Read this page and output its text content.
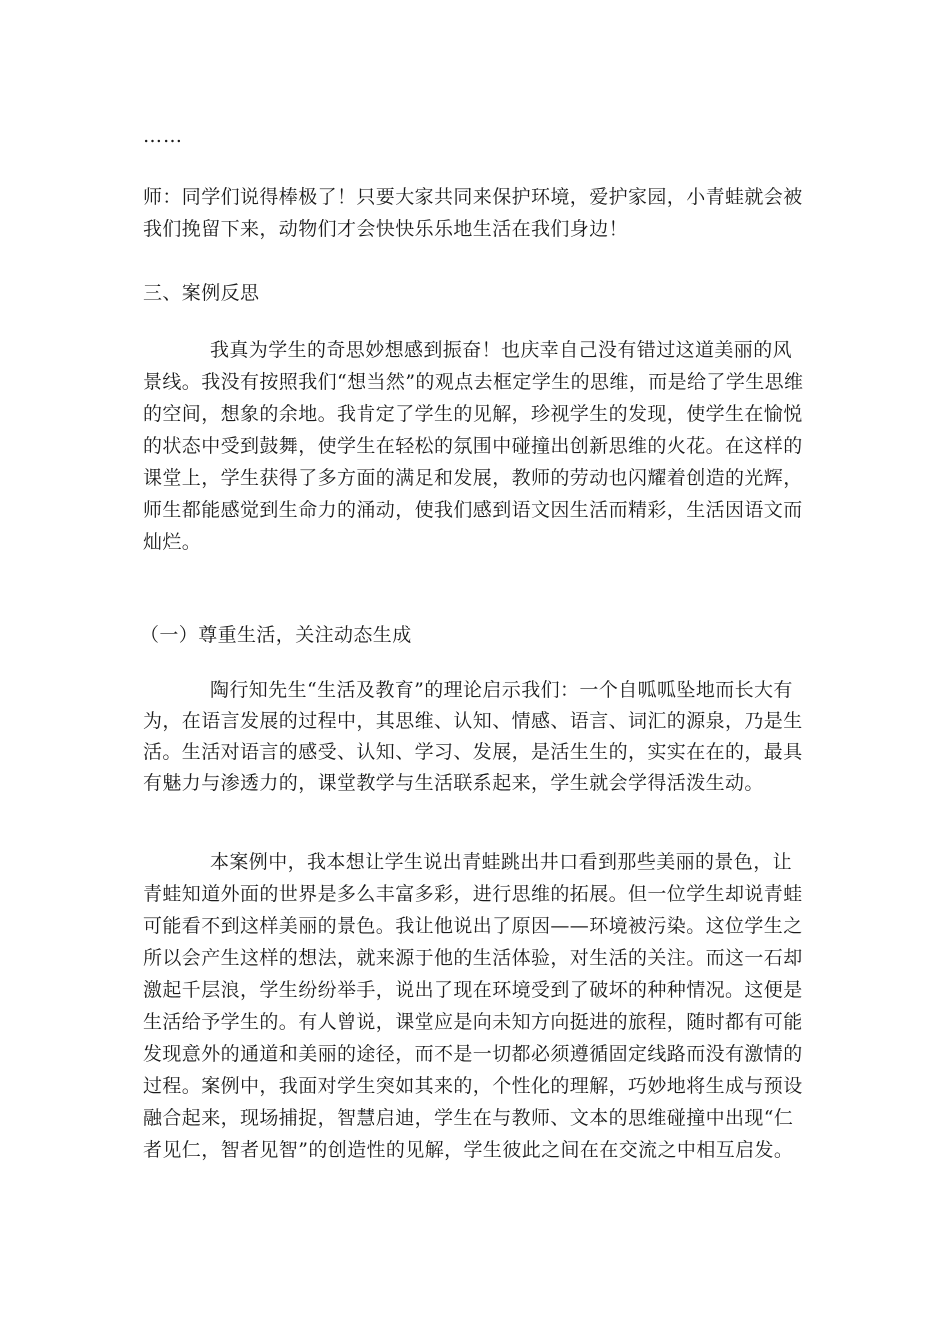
……

师：同学们说得棒极了！只要大家共同来保护环境，爱护家园，小青蛙就会被我们挽留下来，动物们才会快快乐乐地生活在我们身边！

三、案例反思

我真为学生的奇思妙想感到振奋！也庆幸自己没有错过这道美丽的风景线。我没有按照我们“想当然”的观点去框定学生的思维，而是给了学生思维的空间，想象的余地。我肯定了学生的见解，珍视学生的发现，使学生在愉悦的状态中受到鼓舞，使学生在轻松的氛围中碰撞出创新思维的火花。在这样的课堂上，学生获得了多方面的满足和发展，教师的劳动也闪耀着创造的光辉，师生都能感觉到生命力的涌动，使我们感到语文因生活而精彩，生活因语文而灿烂。

（一）尊重生活，关注动态生成

陶行知先生“生活及教育”的理论启示我们：一个自呱呱坠地而长大有为，在语言发展的过程中，其思维、认知、情感、语言、词汇的源泉，乃是生活。生活对语言的感受、认知、学习、发展，是活生生的，实实在在的，最具有魅力与渗透力的，课堂教学与生活联系起来，学生就会学得活泼生动。

本案例中，我本想让学生说出青蛙跳出井口看到那些美丽的景色，让青蛙知道外面的世界是多么丰富多彩，进行思维的拓展。但一位学生却说青蛙可能看不到这样美丽的景色。我让他说出了原因——环境被污染。这位学生之所以会产生这样的想法，就来源于他的生活体验，对生活的关注。而这一石却激起千层浪，学生纷纷举手，说出了现在环境受到了破坏的种种情况。这便是生活给予学生的。有人曾说，课堂应是向未知方向挺进的旅程，随时都有可能发现意外的通道和美丽的途径，而不是一切都必须遵循固定线路而没有激情的过程。案例中，我面对学生突如其来的，个性化的理解，巧妙地将生成与预设融合起来，现场捕捉，智慧启迪，学生在与教师、文本的思维碰撞中出现“仁者见仁，智者见智”的创造性的见解，学生彼此之间在在交流之中相互启发。
